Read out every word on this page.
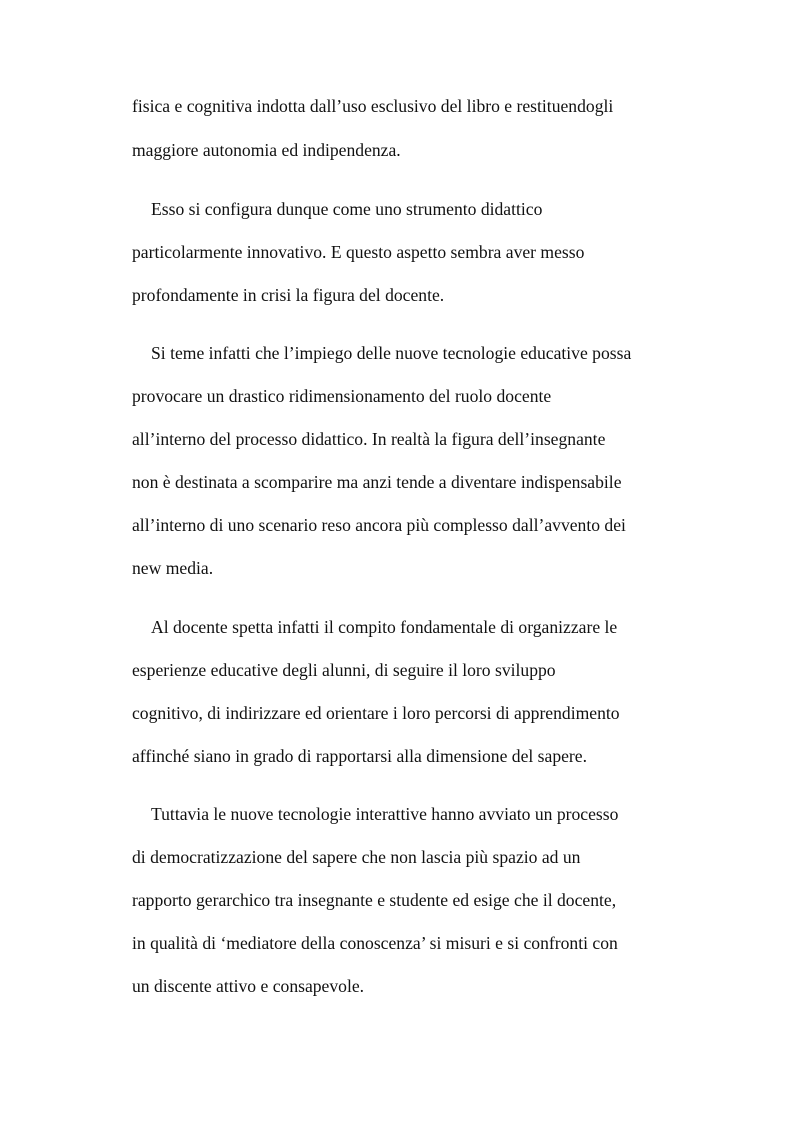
fisica e cognitiva indotta dall’uso esclusivo del libro e restituendogli

maggiore autonomia ed indipendenza.

Esso si configura dunque come uno strumento didattico

particolarmente innovativo. E questo aspetto sembra aver messo

profondamente in crisi la figura del docente.

Si teme infatti che l’impiego delle nuove tecnologie educative possa

provocare un drastico ridimensionamento del ruolo docente

all’interno del processo didattico. In realtà la figura dell’insegnante

non è destinata a scomparire ma anzi tende a diventare indispensabile

all’interno di uno scenario reso ancora più complesso dall’avvento dei

new media.

Al docente spetta infatti il compito fondamentale di organizzare le

esperienze educative degli alunni, di seguire il loro sviluppo

cognitivo, di indirizzare ed orientare i loro percorsi di apprendimento

affinché siano in grado di rapportarsi alla dimensione del sapere.

Tuttavia le nuove tecnologie interattive hanno avviato un processo

di democratizzazione del sapere che non lascia più spazio ad un

rapporto gerarchico tra insegnante e studente ed esige che il docente,

in qualità di ‘mediatore della conoscenza’ si misuri e si confronti con

un discente attivo e consapevole.
